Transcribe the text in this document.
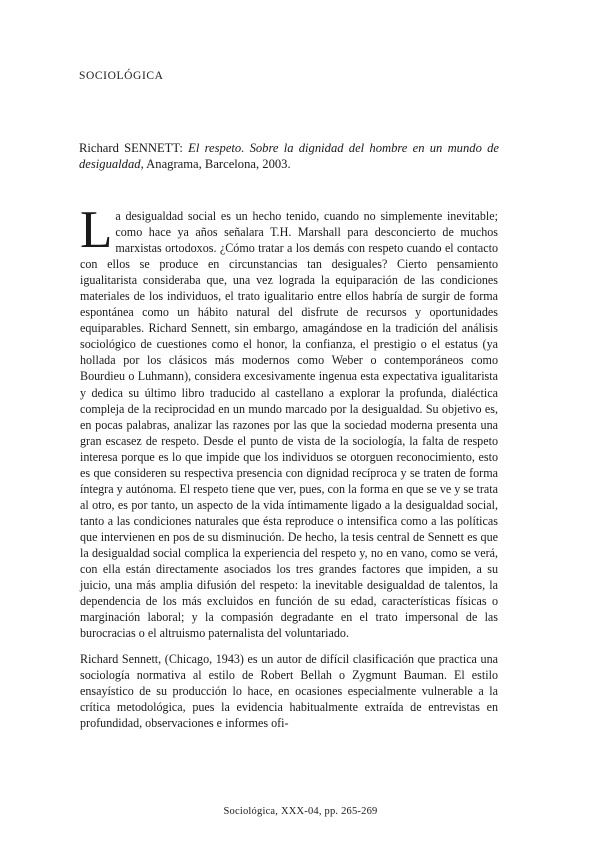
SOCIOLÓGICA
Richard SENNETT: El respeto. Sobre la dignidad del hombre en un mundo de desigualdad, Anagrama, Barcelona, 2003.

La desigualdad social es un hecho tenido, cuando no simplemente inevitable; como hace ya años señalara T.H. Marshall para desconcierto de muchos marxistas ortodoxos. ¿Cómo tratar a los demás con respeto cuando el contacto con ellos se produce en circunstancias tan desiguales? Cierto pensamiento igualitarista consideraba que, una vez lograda la equiparación de las condiciones materiales de los individuos, el trato igualitario entre ellos habría de surgir de forma espontánea como un hábito natural del disfrute de recursos y oportunidades equiparables. Richard Sennett, sin embargo, amagándose en la tradición del análisis sociológico de cuestiones como el honor, la confianza, el prestigio o el estatus (ya hollada por los clásicos más modernos como Weber o contemporáneos como Bourdieu o Luhmann), considera excesivamente ingenua esta expectativa igualitarista y dedica su último libro traducido al castellano a explorar la profunda, dialéctica compleja de la reciprocidad en un mundo marcado por la desigualdad. Su objetivo es, en pocas palabras, analizar las razones por las que la sociedad moderna presenta una gran escasez de respeto. Desde el punto de vista de la sociología, la falta de respeto interesa porque es lo que impide que los individuos se otorguen reconocimiento, esto es que consideren su respectiva presencia con dignidad recíproca y se traten de forma íntegra y autónoma. El respeto tiene que ver, pues, con la forma en que se ve y se trata al otro, es por tanto, un aspecto de la vida íntimamente ligado a la desigualdad social, tanto a las condiciones naturales que ésta reproduce o intensifica como a las políticas que intervienen en pos de su disminución. De hecho, la tesis central de Sennett es que la desigualdad social complica la experiencia del respeto y, no en vano, como se verá, con ella están directamente asociados los tres grandes factores que impiden, a su juicio, una más amplia difusión del respeto: la inevitable desigualdad de talentos, la dependencia de los más excluidos en función de su edad, características físicas o marginación laboral; y la compasión degradante en el trato impersonal de las burocracias o el altruismo paternalista del voluntariado.

Richard Sennett, (Chicago, 1943) es un autor de difícil clasificación que practica una sociología normativa al estilo de Robert Bellah o Zygmunt Bauman. El estilo ensayístico de su producción lo hace, en ocasiones especialmente vulnerable a la crítica metodológica, pues la evidencia habitualmente extraída de entrevistas en profundidad, observaciones e informes ofi-

Sociológica, XXX-04, pp. 265-269
